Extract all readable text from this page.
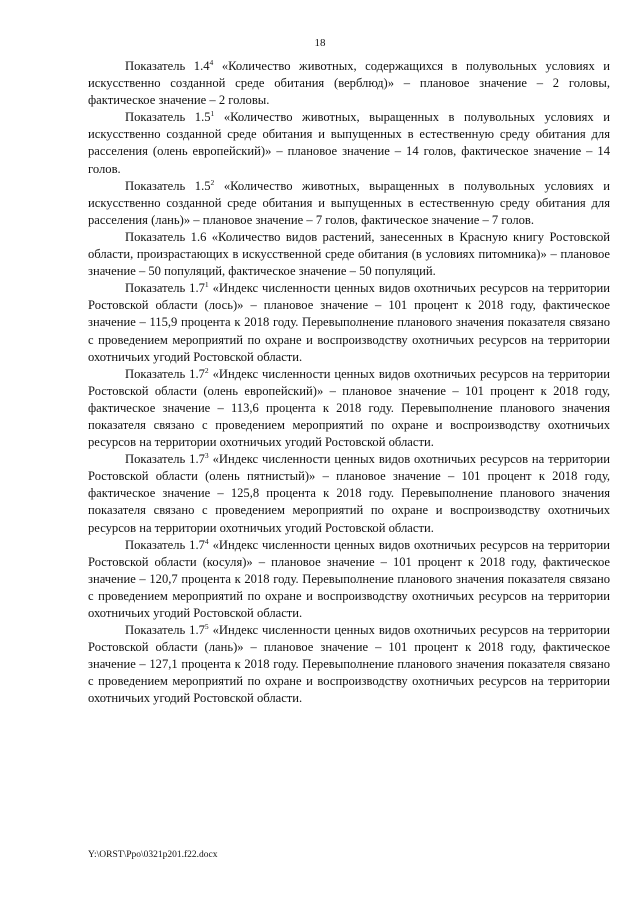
18

Показатель $1.4^4$ «Количество животных, содержащихся в полувольных условиях и искусственно созданной среде обитания (верблюд)» – плановое значение – 2 головы, фактическое значение – 2 головы.

Показатель $1.5^1$ «Количество животных, выращенных в полувольных условиях и искусственно созданной среде обитания и выпущенных в естественную среду обитания для расселения (олень европейский)» – плановое значение – 14 голов, фактическое значение – 14 голов.

Показатель $1.5^2$ «Количество животных, выращенных в полувольных условиях и искусственно созданной среде обитания и выпущенных в естественную среду обитания для расселения (лань)» – плановое значение – 7 голов, фактическое значение – 7 голов.

Показатель 1.6 «Количество видов растений, занесенных в Красную книгу Ростовской области, произрастающих в искусственной среде обитания (в условиях питомника)» – плановое значение – 50 популяций, фактическое значение – 50 популяций.

Показатель $1.7^1$ «Индекс численности ценных видов охотничьих ресурсов на территории Ростовской области (лось)» – плановое значение – 101 процент к 2018 году, фактическое значение – 115,9 процента к 2018 году. Перевыполнение планового значения показателя связано с проведением мероприятий по охране и воспроизводству охотничьих ресурсов на территории охотничьих угодий Ростовской области.

Показатель $1.7^2$ «Индекс численности ценных видов охотничьих ресурсов на территории Ростовской области (олень европейский)» – плановое значение – 101 процент к 2018 году, фактическое значение – 113,6 процента к 2018 году. Перевыполнение планового значения показателя связано с проведением мероприятий по охране и воспроизводству охотничьих ресурсов на территории охотничьих угодий Ростовской области.

Показатель $1.7^3$ «Индекс численности ценных видов охотничьих ресурсов на территории Ростовской области (олень пятнистый)» – плановое значение – 101 процент к 2018 году, фактическое значение – 125,8 процента к 2018 году. Перевыполнение планового значения показателя связано с проведением мероприятий по охране и воспроизводству охотничьих ресурсов на территории охотничьих угодий Ростовской области.

Показатель $1.7^4$ «Индекс численности ценных видов охотничьих ресурсов на территории Ростовской области (косуля)» – плановое значение – 101 процент к 2018 году, фактическое значение – 120,7 процента к 2018 году. Перевыполнение планового значения показателя связано с проведением мероприятий по охране и воспроизводству охотничьих ресурсов на территории охотничьих угодий Ростовской области.

Показатель $1.7^5$ «Индекс численности ценных видов охотничьих ресурсов на территории Ростовской области (лань)» – плановое значение – 101 процент к 2018 году, фактическое значение – 127,1 процента к 2018 году. Перевыполнение планового значения показателя связано с проведением мероприятий по охране и воспроизводству охотничьих ресурсов на территории охотничьих угодий Ростовской области.

Y:\ORST\Ppo\0321p201.f22.docx
